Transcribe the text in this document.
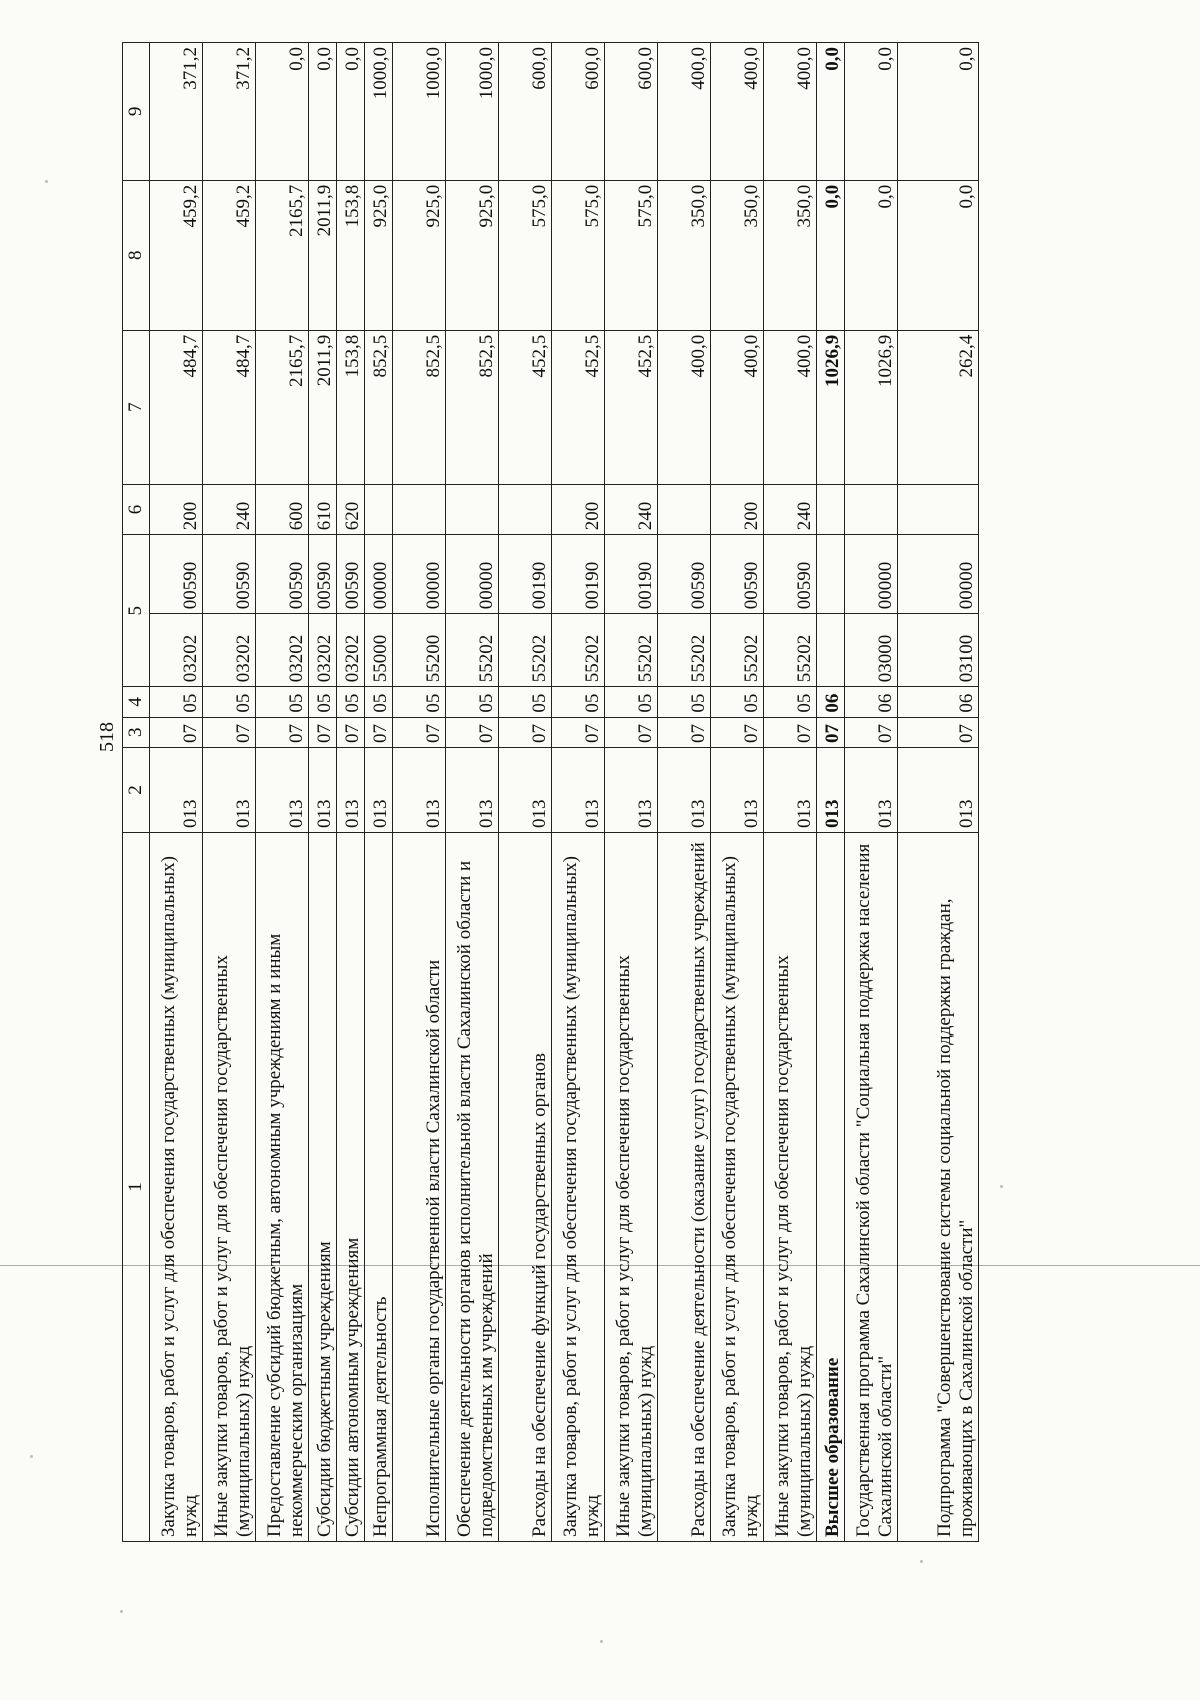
518
1	2	3	4	5		6	7	8	9
Закупка товаров, работ и услуг для обеспечения государственных (муниципальных) нужд	013	07	05	03202	00590	200	484,7	459,2	371,2
Иные закупки товаров, работ и услуг для обеспечения государственных (муниципальных) нужд	013	07	05	03202	00590	240	484,7	459,2	371,2
Предоставление субсидий бюджетным, автономным учреждениям и иным некоммерческим организациям	013	07	05	03202	00590	600	2165,7	2165,7	0,0
Субсидии бюджетным учреждениям	013	07	05	03202	00590	610	2011,9	2011,9	0,0
Субсидии автономным учреждениям	013	07	05	03202	00590	620	153,8	153,8	0,0
Непрограммная деятельность	013	07	05	55000	00000		852,5	925,0	1000,0
Исполнительные органы государственной власти Сахалинской области	013	07	05	55200	00000		852,5	925,0	1000,0
Обеспечение деятельности органов исполнительной власти Сахалинской области и подведомственных им учреждений	013	07	05	55202	00000		852,5	925,0	1000,0
Расходы на обеспечение функций государственных органов	013	07	05	55202	00190		452,5	575,0	600,0
Закупка товаров, работ и услуг для обеспечения государственных (муниципальных) нужд	013	07	05	55202	00190	200	452,5	575,0	600,0
Иные закупки товаров, работ и услуг для обеспечения государственных (муниципальных) нужд	013	07	05	55202	00190	240	452,5	575,0	600,0
Расходы на обеспечение деятельности (оказание услуг) государственных учреждений	013	07	05	55202	00590		400,0	350,0	400,0
Закупка товаров, работ и услуг для обеспечения государственных (муниципальных) нужд	013	07	05	55202	00590	200	400,0	350,0	400,0
Иные закупки товаров, работ и услуг для обеспечения государственных (муниципальных) нужд	013	07	05	55202	00590	240	400,0	350,0	400,0
Высшее образование	013	07	06				1026,9	0,0	0,0
Государственная программа Сахалинской области "Социальная поддержка населения Сахалинской области"	013	07	06	03000	00000		1026,9	0,0	0,0
Подпрограмма "Совершенствование системы социальной поддержки граждан, проживающих в Сахалинской области"	013	07	06	03100	00000		262,4	0,0	0,0
